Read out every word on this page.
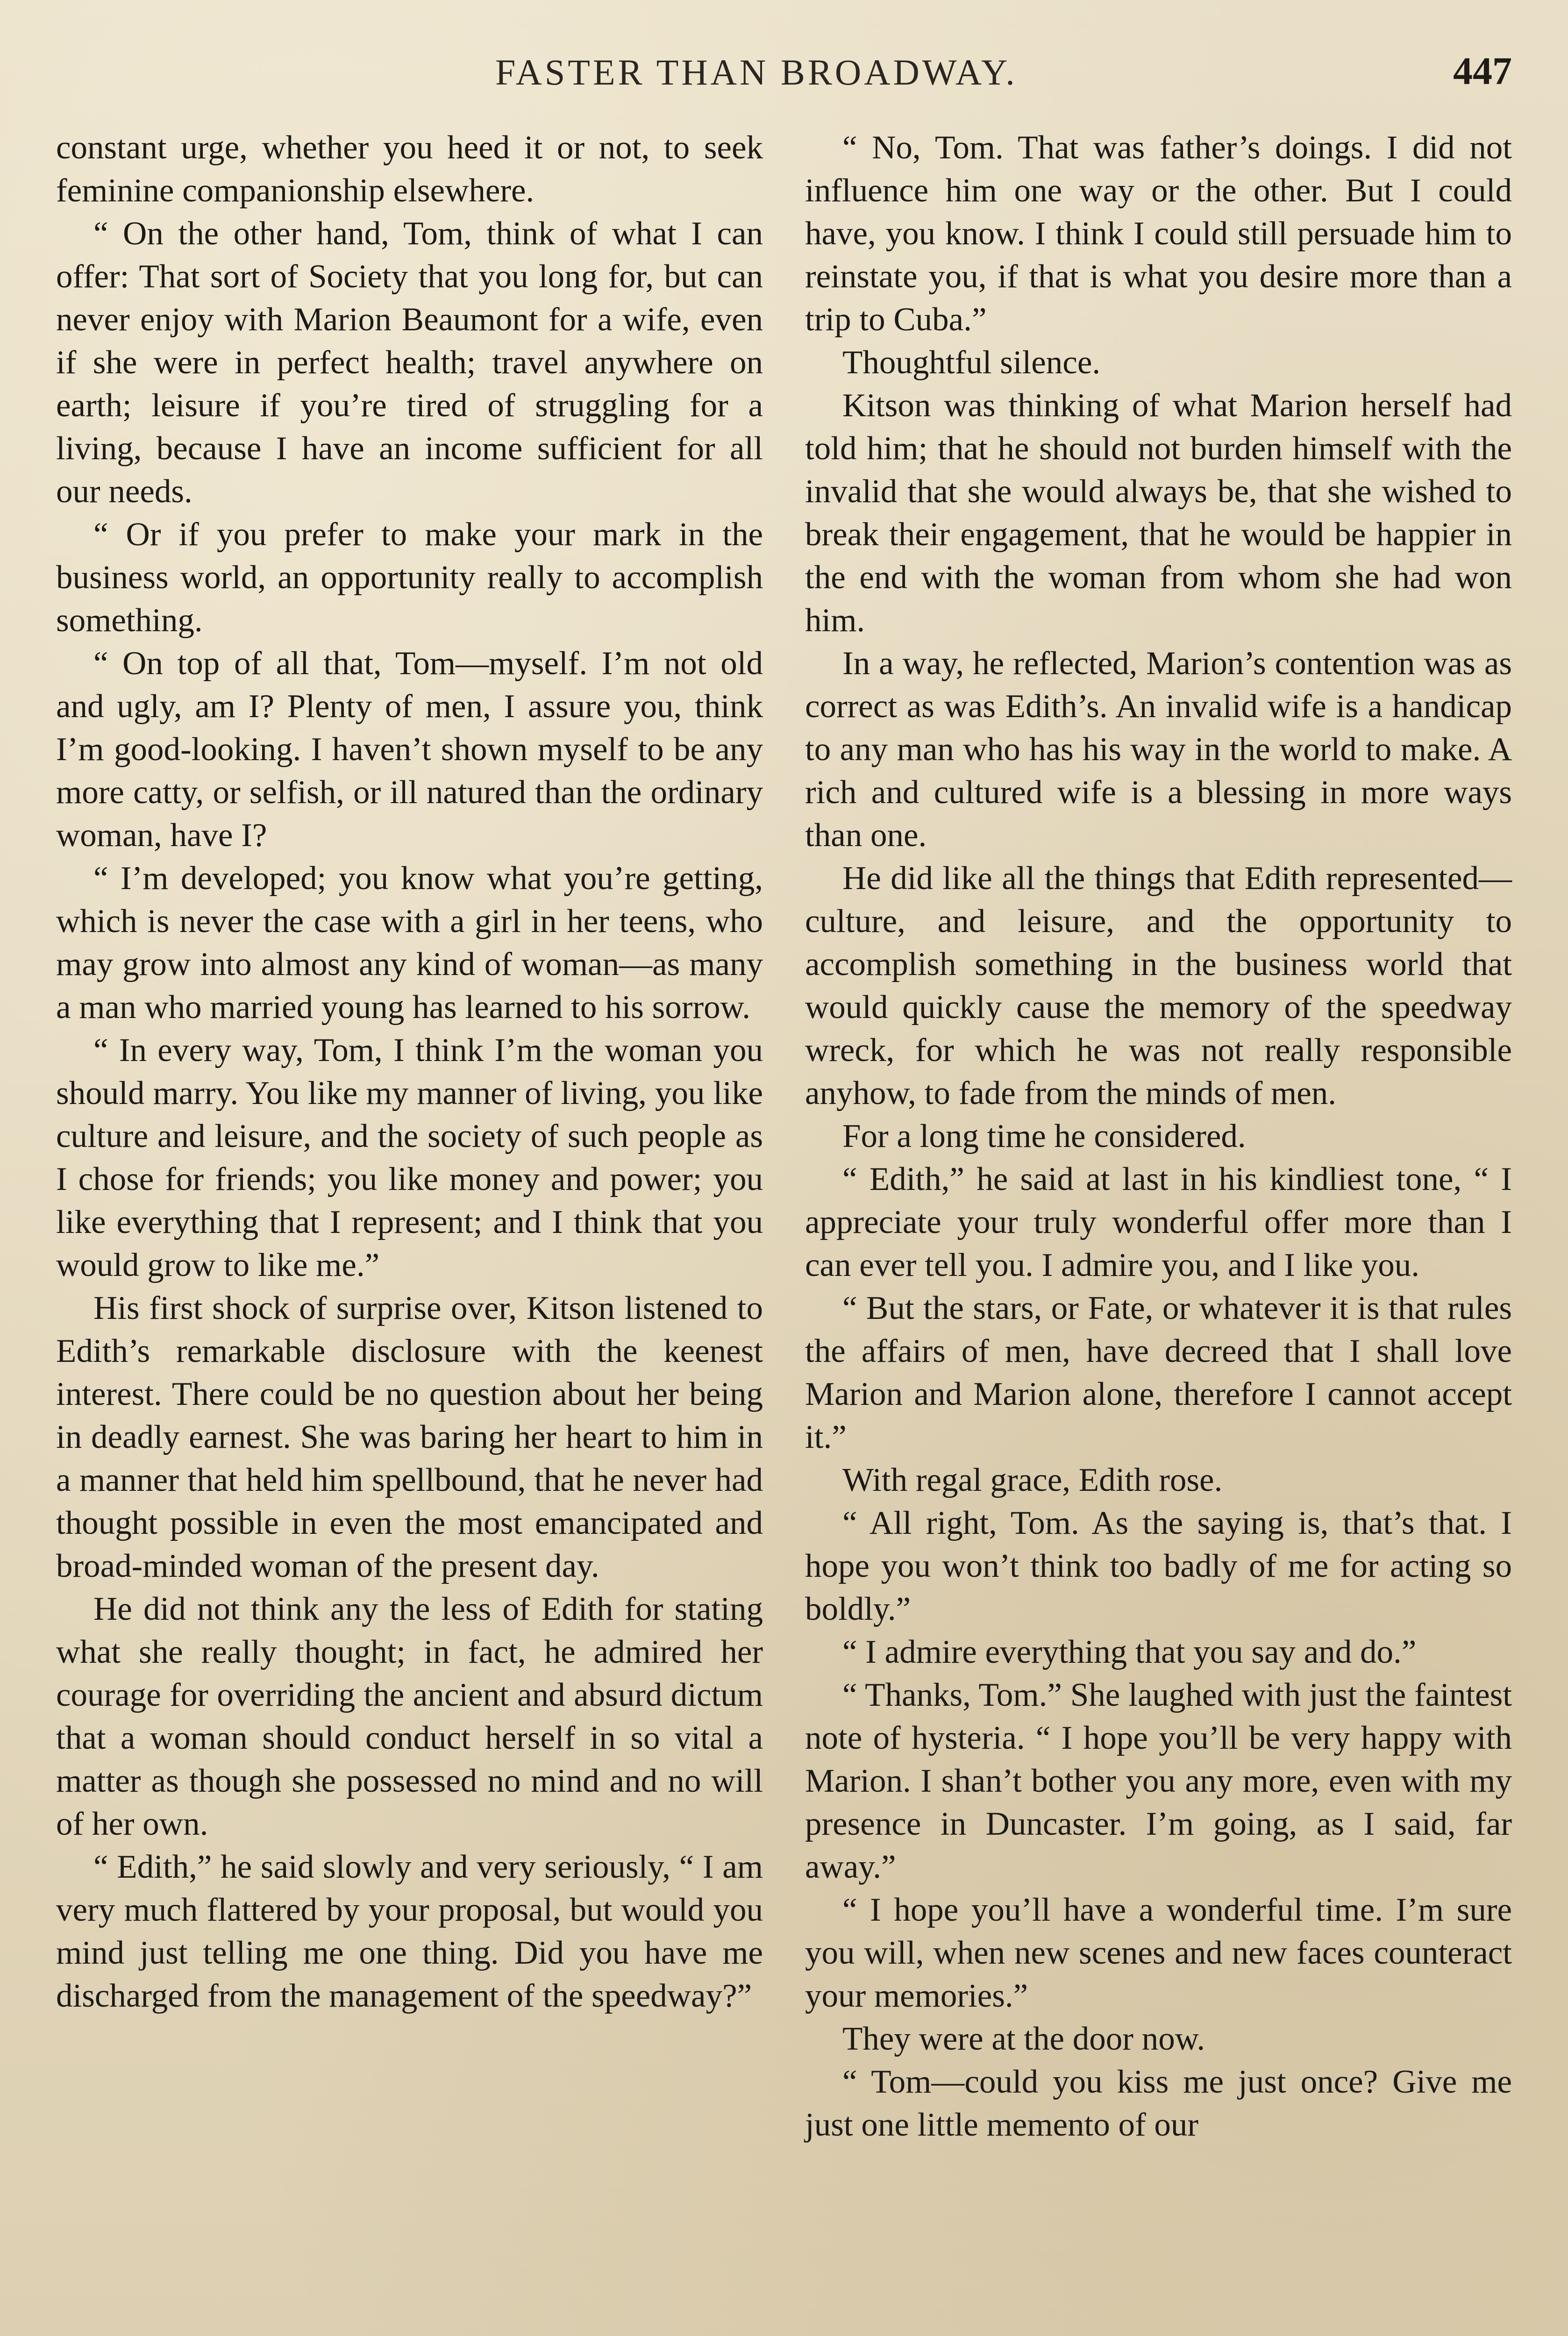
FASTER THAN BROADWAY.	447

constant urge, whether you heed it or not, to seek feminine companionship elsewhere.

“ On the other hand, Tom, think of what I can offer: That sort of Society that you long for, but can never enjoy with Marion Beaumont for a wife, even if she were in perfect health; travel anywhere on earth; leisure if you’re tired of struggling for a living, because I have an income sufficient for all our needs.

“ Or if you prefer to make your mark in the business world, an opportunity really to accomplish something.

“ On top of all that, Tom—myself. I’m not old and ugly, am I? Plenty of men, I assure you, think I’m good-looking. I haven’t shown myself to be any more catty, or selfish, or ill natured than the ordinary woman, have I?

“ I’m developed; you know what you’re getting, which is never the case with a girl in her teens, who may grow into almost any kind of woman—as many a man who married young has learned to his sorrow.

“ In every way, Tom, I think I’m the woman you should marry. You like my manner of living, you like culture and leisure, and the society of such people as I chose for friends; you like money and power; you like everything that I represent; and I think that you would grow to like me.”

His first shock of surprise over, Kitson listened to Edith’s remarkable disclosure with the keenest interest. There could be no question about her being in deadly earnest. She was baring her heart to him in a manner that held him spellbound, that he never had thought possible in even the most emancipated and broad-minded woman of the present day.

He did not think any the less of Edith for stating what she really thought; in fact, he admired her courage for overriding the ancient and absurd dictum that a woman should conduct herself in so vital a matter as though she possessed no mind and no will of her own.

“ Edith,” he said slowly and very seriously, “ I am very much flattered by your proposal, but would you mind just telling me one thing. Did you have me discharged from the management of the speedway?”

“ No, Tom. That was father’s doings. I did not influence him one way or the other. But I could have, you know. I think I could still persuade him to reinstate you, if that is what you desire more than a trip to Cuba.”

Thoughtful silence.

Kitson was thinking of what Marion herself had told him; that he should not burden himself with the invalid that she would always be, that she wished to break their engagement, that he would be happier in the end with the woman from whom she had won him.

In a way, he reflected, Marion’s contention was as correct as was Edith’s. An invalid wife is a handicap to any man who has his way in the world to make. A rich and cultured wife is a blessing in more ways than one.

He did like all the things that Edith represented—culture, and leisure, and the opportunity to accomplish something in the business world that would quickly cause the memory of the speedway wreck, for which he was not really responsible anyhow, to fade from the minds of men.

For a long time he considered.

“ Edith,” he said at last in his kindliest tone, “ I appreciate your truly wonderful offer more than I can ever tell you. I admire you, and I like you.

“ But the stars, or Fate, or whatever it is that rules the affairs of men, have decreed that I shall love Marion and Marion alone, therefore I cannot accept it.”

With regal grace, Edith rose.

“ All right, Tom. As the saying is, that’s that. I hope you won’t think too badly of me for acting so boldly.”

“ I admire everything that you say and do.”

“ Thanks, Tom.” She laughed with just the faintest note of hysteria. “ I hope you’ll be very happy with Marion. I shan’t bother you any more, even with my presence in Duncaster. I’m going, as I said, far away.”

“ I hope you’ll have a wonderful time. I’m sure you will, when new scenes and new faces counteract your memories.”

They were at the door now.

“ Tom—could you kiss me just once? Give me just one little memento of our
